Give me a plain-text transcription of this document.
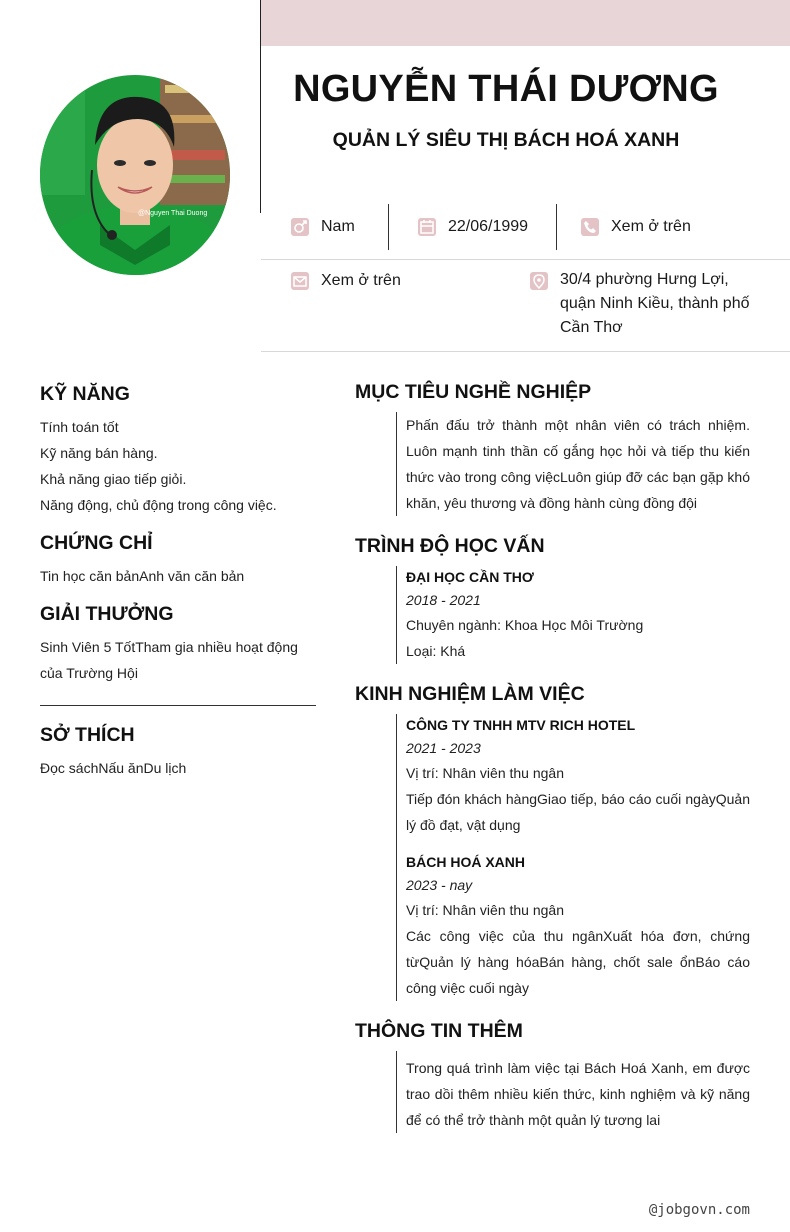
@Nguyen Thai Duong
NGUYỄN THÁI DƯƠNG
QUẢN LÝ SIÊU THỊ BÁCH HOÁ XANH
Nam	22/06/1999	Xem ở trên
Xem ở trên	30/4 phường Hưng Lợi, quận Ninh Kiều, thành phố Cần Thơ
KỸ NĂNG
Tính toán tốt
Kỹ năng bán hàng.
Khả năng giao tiếp giỏi.
Năng động, chủ động trong công việc.
CHỨNG CHỈ
Tin học căn bảnAnh văn căn bản
GIẢI THƯỞNG
Sinh Viên 5 TốtTham gia nhiều hoạt động của Trường Hội
SỞ THÍCH
Đọc sáchNấu ănDu lịch
MỤC TIÊU NGHỀ NGHIỆP
Phấn đấu trở thành một nhân viên có trách nhiệm. Luôn mạnh tinh thần cố gắng học hỏi và tiếp thu kiến thức vào trong công việcLuôn giúp đỡ các bạn gặp khó khăn, yêu thương và đồng hành cùng đồng đội
TRÌNH ĐỘ HỌC VẤN
ĐẠI HỌC CẦN THƠ
2018 - 2021
Chuyên ngành: Khoa Học Môi Trường
Loại: Khá
KINH NGHIỆM LÀM VIỆC
CÔNG TY TNHH MTV RICH HOTEL
2021 - 2023
Vị trí: Nhân viên thu ngân
Tiếp đón khách hàngGiao tiếp, báo cáo cuối ngàyQuản lý đồ đạt, vật dụng
BÁCH HOÁ XANH
2023 - nay
Vị trí: Nhân viên thu ngân
Các công việc của thu ngânXuất hóa đơn, chứng từQuản lý hàng hóaBán hàng, chốt sale ổnBáo cáo công việc cuối ngày
THÔNG TIN THÊM
Trong quá trình làm việc tại Bách Hoá Xanh, em được trao dồi thêm nhiều kiến thức, kinh nghiệm và kỹ năng để có thể trở thành một quản lý tương lai
@jobgovn.com
